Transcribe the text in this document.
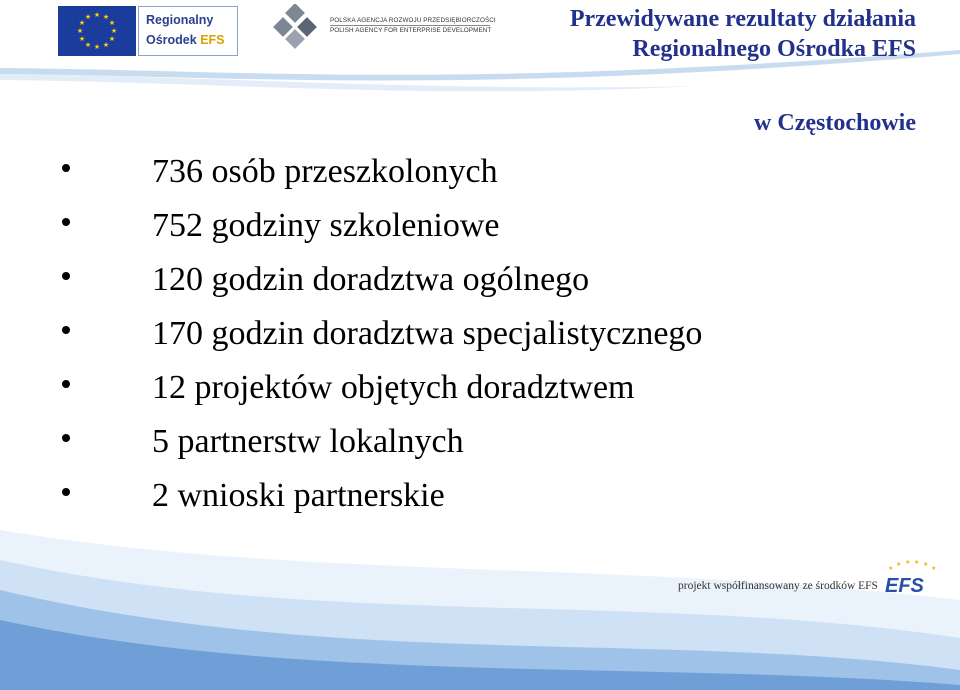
★ ★
★
★
★
★
★
★
★
★
★
★	Regionalny
Ośrodek EFS
POLSKA AGENCJA ROZWOJU PRZEDSIĘBIORCZOŚCI
POLISH AGENCY FOR ENTERPRISE DEVELOPMENT	Przewidywane rezultaty działania
Regionalnego Ośrodka EFS
w Częstochowie
736 osób przeszkolonych
752 godziny szkoleniowe
120 godzin doradztwa ogólnego
170 godzin doradztwa specjalistycznego
12 projektów objętych doradztwem
5 partnerstw lokalnych
2 wnioski partnerskie
projekt współfinansowany ze środków EFS
★
★ ★ ★ ★
★
EFS
